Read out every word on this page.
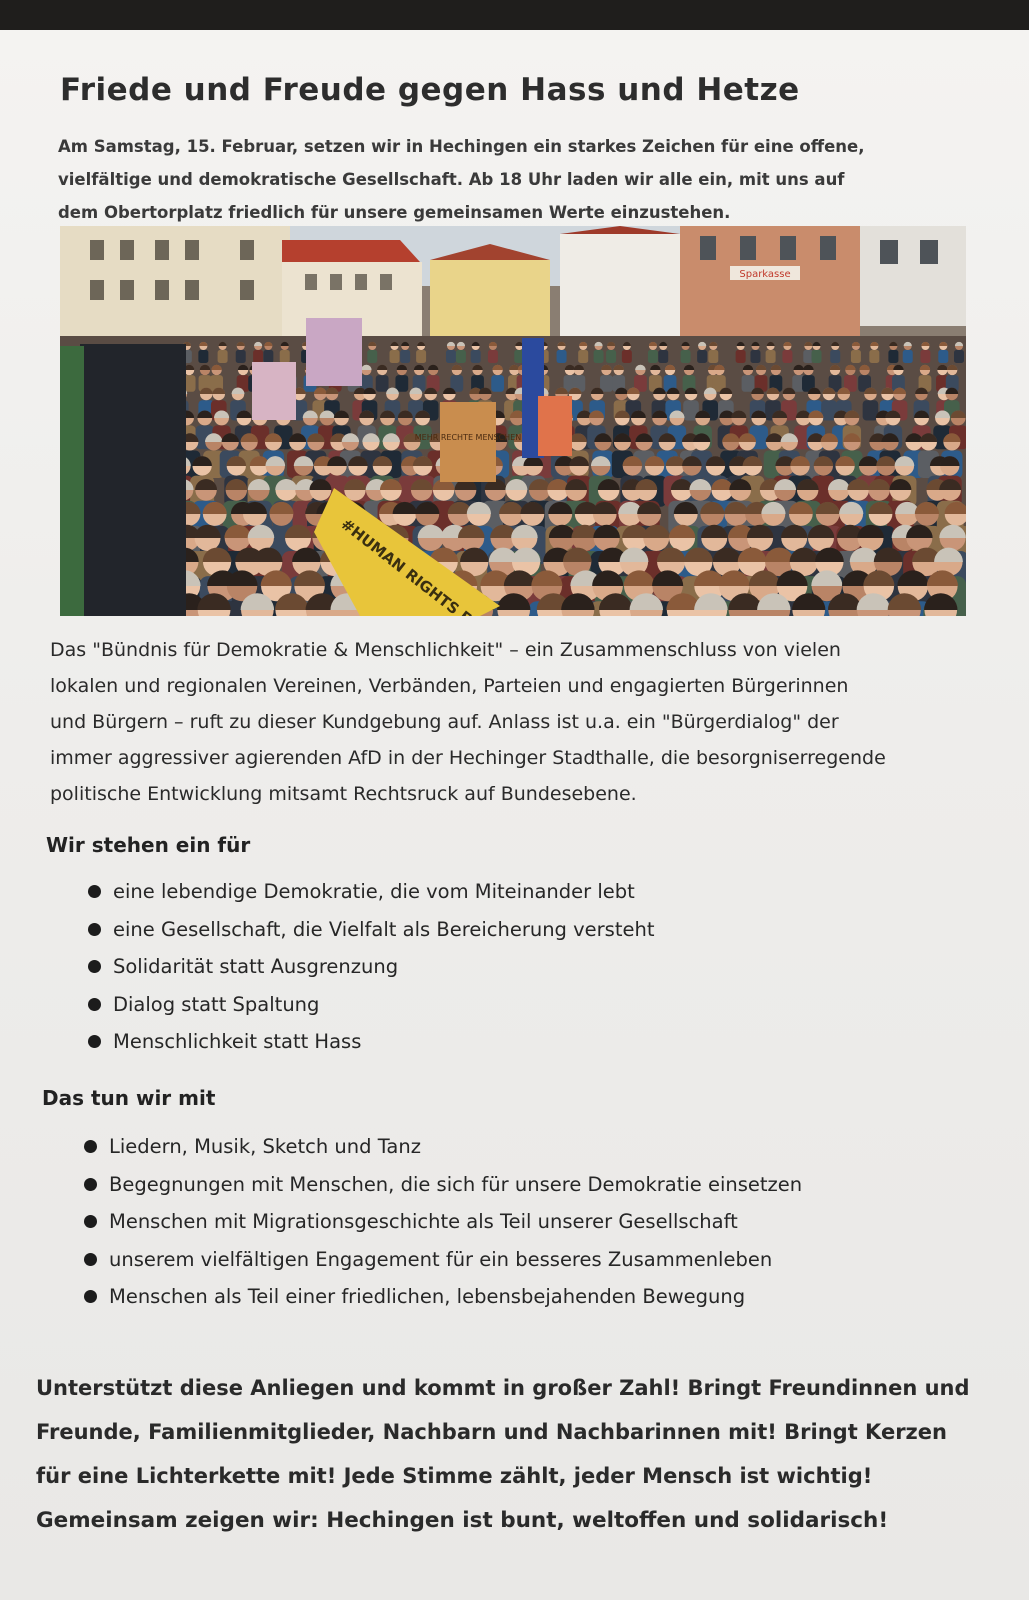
Friede und Freude gegen Hass und Hetze

Am Samstag, 15. Februar, setzen wir in Hechingen ein starkes Zeichen für eine offene,

vielfältige und demokratische Gesellschaft. Ab 18 Uhr laden wir alle ein, mit uns auf

dem Obertorplatz friedlich für unsere gemeinsamen Werte einzustehen.

Sparkasse
MEHR RECHTE MENSCHEN

Das "Bündnis für Demokratie & Menschlichkeit" – ein Zusammenschluss von vielen

lokalen und regionalen Vereinen, Verbänden, Parteien und engagierten Bürgerinnen

und Bürgern – ruft zu dieser Kundgebung auf. Anlass ist u.a. ein "Bürgerdialog" der

immer aggressiver agierenden AfD in der Hechinger Stadthalle, die besorgniserregende

politische Entwicklung mitsamt Rechtsruck auf Bundesebene.

Wir stehen ein für
eine lebendige Demokratie, die vom Miteinander lebt
eine Gesellschaft, die Vielfalt als Bereicherung versteht
Solidarität statt Ausgrenzung
Dialog statt Spaltung
Menschlichkeit statt Hass
Das tun wir mit
Liedern, Musik, Sketch und Tanz
Begegnungen mit Menschen, die sich für unsere Demokratie einsetzen
Menschen mit Migrationsgeschichte als Teil unserer Gesellschaft
unserem vielfältigen Engagement für ein besseres Zusammenleben
Menschen als Teil einer friedlichen, lebensbejahenden Bewegung

Unterstützt diese Anliegen und kommt in großer Zahl! Bringt Freundinnen und

Freunde, Familienmitglieder, Nachbarn und Nachbarinnen mit! Bringt Kerzen

für eine Lichterkette mit! Jede Stimme zählt, jeder Mensch ist wichtig!

Gemeinsam zeigen wir: Hechingen ist bunt, weltoffen und solidarisch!
